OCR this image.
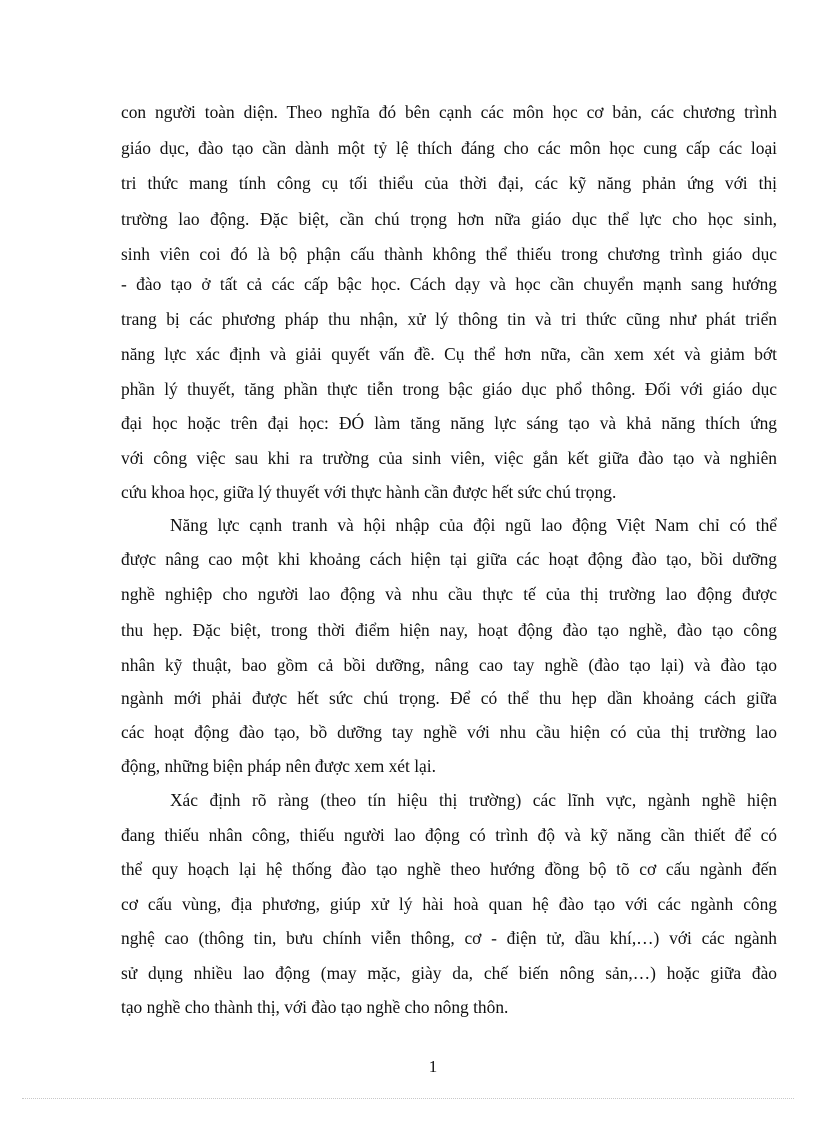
con người toàn diện. Theo nghĩa đó bên cạnh các môn học cơ bản, các chương trình
giáo dục, đào tạo cần dành một tỷ lệ thích đáng cho các môn học cung cấp các loại
tri thức mang tính công cụ tối thiểu của thời đại, các kỹ năng phản ứng với thị
trường lao động. Đặc biệt, cần chú trọng hơn nữa giáo dục thể lực cho học sinh,
sinh viên coi đó là bộ phận cấu thành không thể thiếu trong chương trình giáo dục
- đào tạo ở tất cả các cấp bậc học. Cách dạy và học cần chuyển mạnh sang hướng
trang bị các phương pháp thu nhận, xử lý thông tin và tri thức cũng như phát triển
năng lực xác định và giải quyết vấn đề. Cụ thể hơn nữa, cần xem xét và giảm bớt
phần lý thuyết, tăng phần thực tiễn trong bậc giáo dục phổ thông. Đối với giáo dục
đại học hoặc trên đại học: ĐÓ làm tăng năng lực sáng tạo và khả năng thích ứng
với công việc sau khi ra trường của sinh viên, việc gắn kết giữa đào tạo và nghiên
cứu khoa học, giữa lý thuyết với thực hành cần được hết sức chú trọng.
Năng lực cạnh tranh và hội nhập của đội ngũ lao động Việt Nam chỉ có thể
được nâng cao một khi khoảng cách hiện tại giữa các hoạt động đào tạo, bồi dưỡng
nghề nghiệp cho người lao động và nhu cầu thực tế của thị trường lao động được
thu hẹp. Đặc biệt, trong thời điểm hiện nay, hoạt động đào tạo nghề, đào tạo công
nhân kỹ thuật, bao gồm cả bồi dưỡng, nâng cao tay nghề (đào tạo lại) và đào tạo
ngành mới phải được hết sức chú trọng. Để có thể thu hẹp dần khoảng cách giữa
các hoạt động đào tạo, bồ dưỡng tay nghề với nhu cầu hiện có của thị trường lao
động, những biện pháp nên được xem xét lại.
Xác định rõ ràng (theo tín hiệu thị trường) các lĩnh vực, ngành nghề hiện
đang thiếu nhân công, thiếu người lao động có trình độ và kỹ năng cần thiết để có
thể quy hoạch lại hệ thống đào tạo nghề theo hướng đồng bộ tõ cơ cấu ngành đến
cơ cấu vùng, địa phương, giúp xử lý hài hoà quan hệ đào tạo với các ngành công
nghệ cao (thông tin, bưu chính viễn thông, cơ - điện tử, dầu khí,…) với các ngành
sử dụng nhiều lao động (may mặc, giày da, chế biến nông sản,…) hoặc giữa đào
tạo nghề cho thành thị, với đào tạo nghề cho nông thôn.
1
